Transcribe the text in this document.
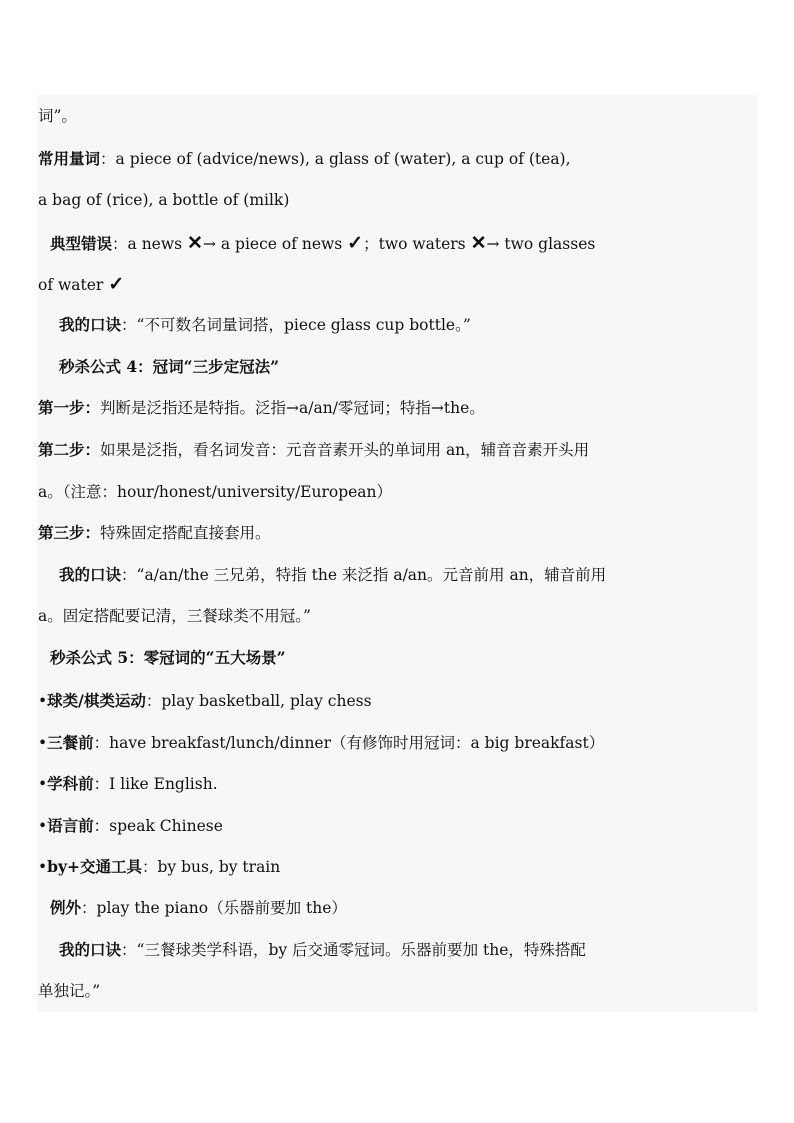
词”。
常用量词：a piece of (advice/news), a glass of (water), a cup of (tea),
a bag of (rice), a bottle of (milk)
典型错误：a news ✕→ a piece of news ✓；two waters ✕→ two glasses
of water ✓
我的口诀：“不可数名词量词搭，piece glass cup bottle。”
秒杀公式 4：冠词“三步定冠法”
第一步：判断是泛指还是特指。泛指→a/an/零冠词；特指→the。
第二步：如果是泛指，看名词发音：元音音素开头的单词用 an，辅音音素开头用
a。（注意：hour/honest/university/European）
第三步：特殊固定搭配直接套用。
我的口诀：“a/an/the 三兄弟，特指 the 来泛指 a/an。元音前用 an，辅音前用
a。固定搭配要记清，三餐球类不用冠。”
秒杀公式 5：零冠词的“五大场景”
•球类/棋类运动：play basketball, play chess
•三餐前：have breakfast/lunch/dinner（有修饰时用冠词：a big breakfast）
•学科前：I like English.
•语言前：speak Chinese
•by+交通工具：by bus, by train
例外：play the piano（乐器前要加 the）
我的口诀：“三餐球类学科语，by 后交通零冠词。乐器前要加 the，特殊搭配
单独记。”
